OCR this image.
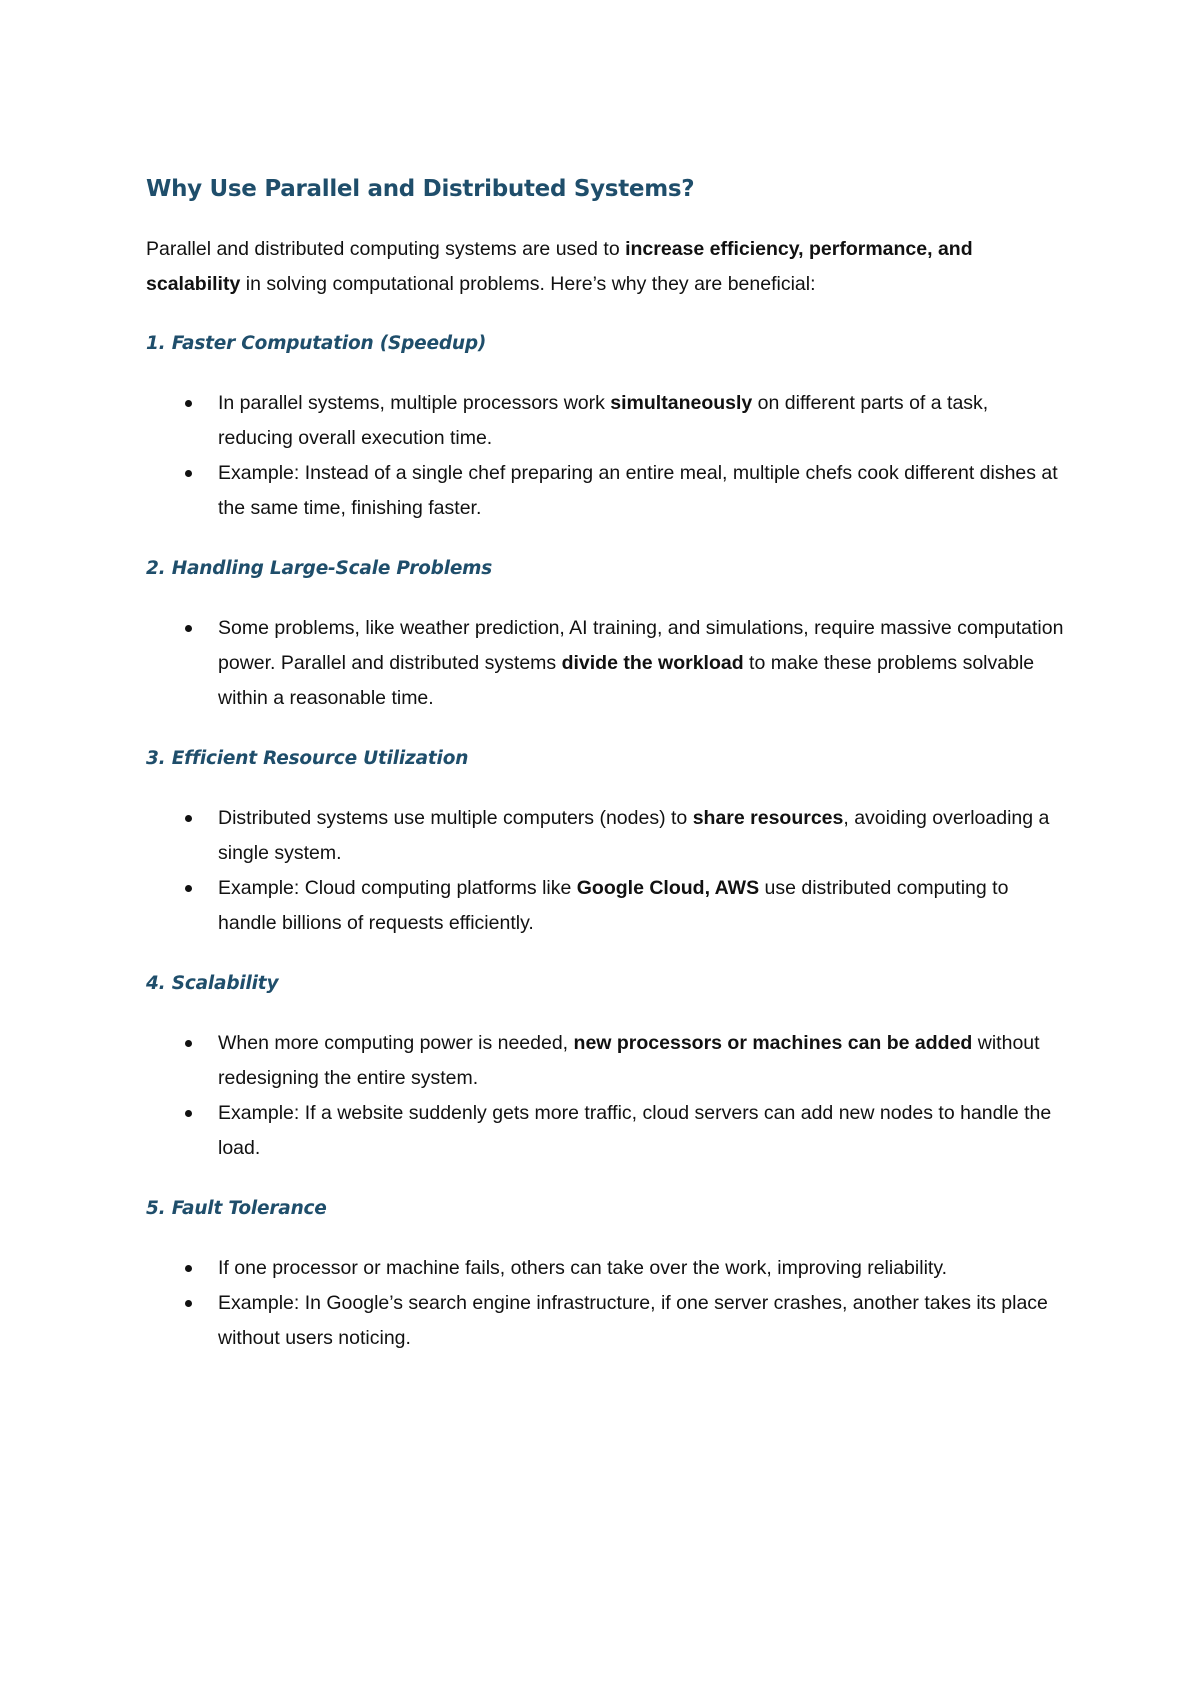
Why Use Parallel and Distributed Systems?

Parallel and distributed computing systems are used to increase efficiency, performance, and scalability in solving computational problems. Here’s why they are beneficial:

1. Faster Computation (Speedup)
In parallel systems, multiple processors work simultaneously on different parts of a task, reducing overall execution time.
Example: Instead of a single chef preparing an entire meal, multiple chefs cook different dishes at the same time, finishing faster.
2. Handling Large-Scale Problems
Some problems, like weather prediction, AI training, and simulations, require massive computation power. Parallel and distributed systems divide the workload to make these problems solvable within a reasonable time.
3. Efficient Resource Utilization
Distributed systems use multiple computers (nodes) to share resources, avoiding overloading a single system.
Example: Cloud computing platforms like Google Cloud, AWS use distributed computing to handle billions of requests efficiently.
4. Scalability
When more computing power is needed, new processors or machines can be added without redesigning the entire system.
Example: If a website suddenly gets more traffic, cloud servers can add new nodes to handle the load.
5. Fault Tolerance
If one processor or machine fails, others can take over the work, improving reliability.
Example: In Google’s search engine infrastructure, if one server crashes, another takes its place without users noticing.
